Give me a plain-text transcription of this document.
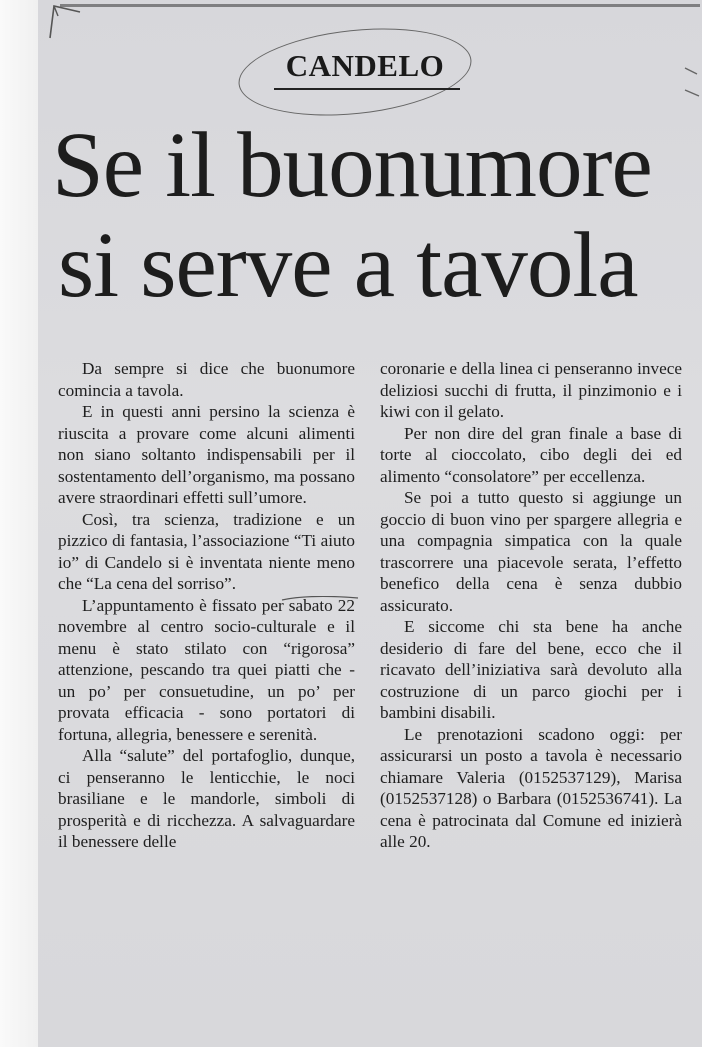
CANDELO
Se il buonumore
si serve a tavola

Da sempre si dice che buonumore comincia a tavola.

E in questi anni persino la scienza è riuscita a provare come alcuni alimenti non siano soltanto indispensabili per il sostentamento dell’organismo, ma possano avere straordinari effetti sull’umore.

Così, tra scienza, tradizione e un pizzico di fantasia, l’associazione “Ti aiuto io” di Candelo si è inventata niente meno che “La cena del sorriso”.

L’appuntamento è fissato per sabato 22 novembre al centro socio-culturale e il menu è stato stilato con “rigorosa” attenzione, pescando tra quei piatti che - un po’ per consuetudine, un po’ per provata efficacia - sono portatori di fortuna, allegria, benessere e serenità.

Alla “salute” del portafoglio, dunque, ci penseranno le lenticchie, le noci brasiliane e le mandorle, simboli di prosperità e di ricchezza. A salvaguardare il benessere delle

coronarie e della linea ci penseranno invece deliziosi succhi di frutta, il pinzimonio e i kiwi con il gelato.

Per non dire del gran finale a base di torte al cioccolato, cibo degli dei ed alimento “consolatore” per eccellenza.

Se poi a tutto questo si aggiunge un goccio di buon vino per spargere allegria e una compagnia simpatica con la quale trascorrere una piacevole serata, l’effetto benefico della cena è senza dubbio assicurato.

E siccome chi sta bene ha anche desiderio di fare del bene, ecco che il ricavato dell’iniziativa sarà devoluto alla costruzione di un parco giochi per i bambini disabili.

Le prenotazioni scadono oggi: per assicurarsi un posto a tavola è necessario chiamare Valeria (0152537129), Marisa (0152537128) o Barbara (0152536741). La cena è patrocinata dal Comune ed inizierà alle 20.
